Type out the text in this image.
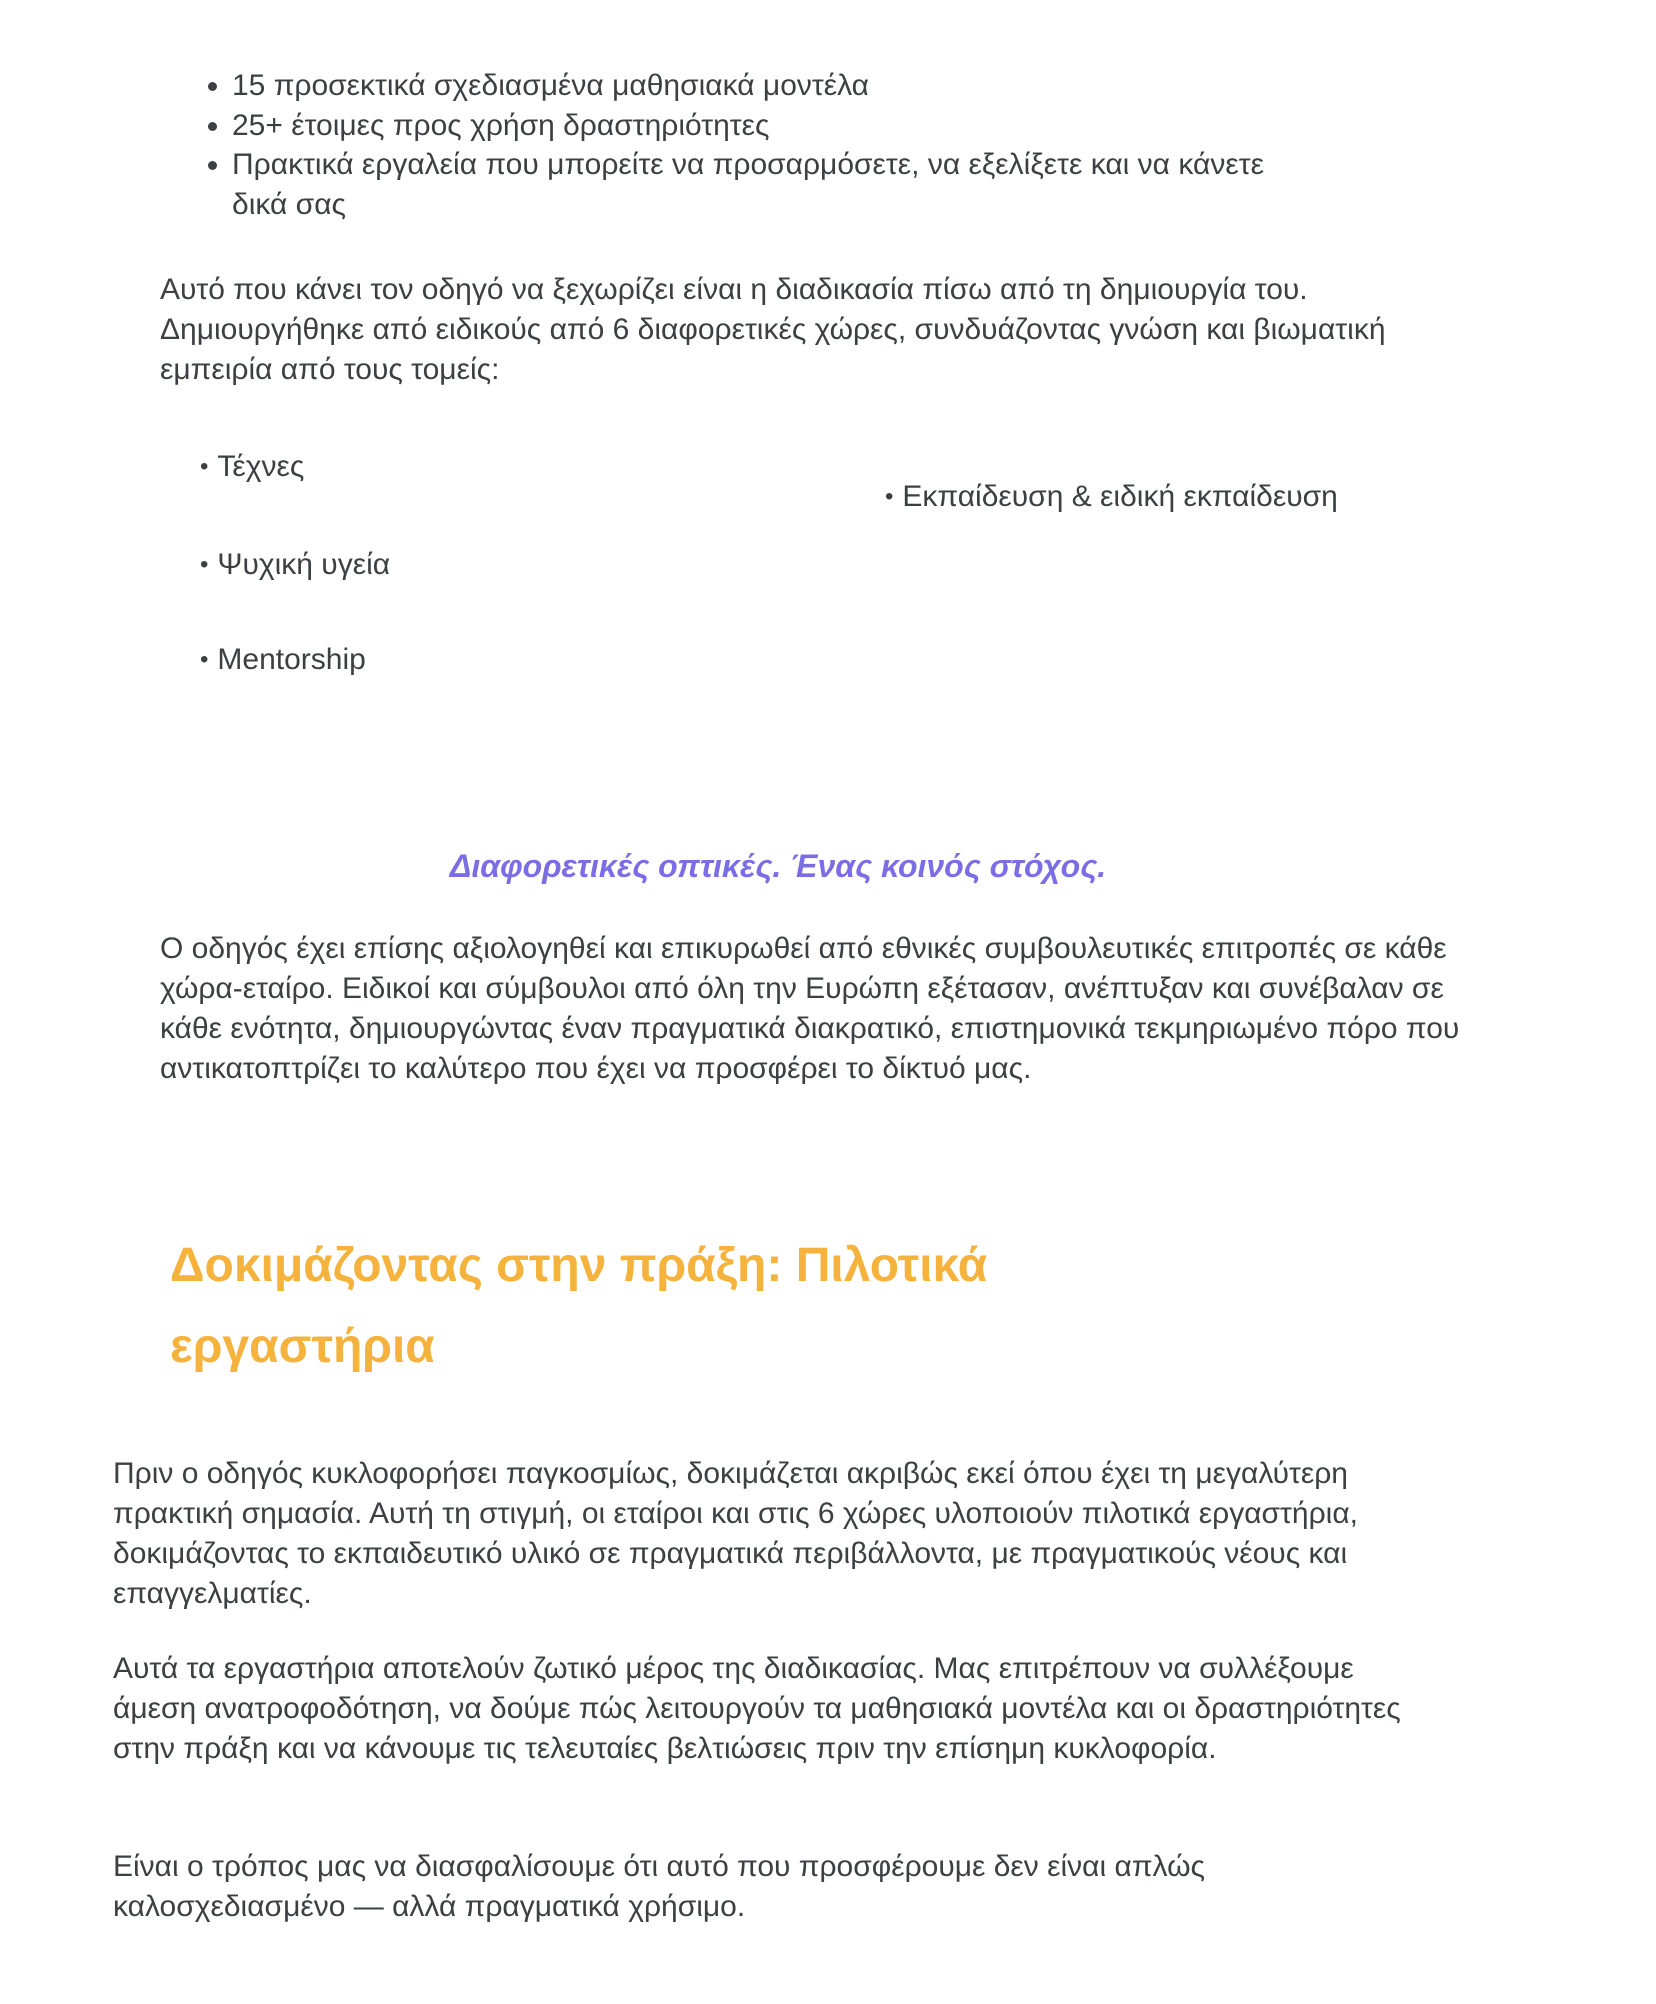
• 15 προσεκτικά σχεδιασμένα μαθησιακά μοντέλα
• 25+ έτοιμες προς χρήση δραστηριότητες
• Πρακτικά εργαλεία που μπορείτε να προσαρμόσετε, να εξελίξετε και να κάνετε δικά σας

Αυτό που κάνει τον οδηγό να ξεχωρίζει είναι η διαδικασία πίσω από τη δημιουργία του. Δημιουργήθηκε από ειδικούς από 6 διαφορετικές χώρες, συνδυάζοντας γνώση και βιωματική εμπειρία από τους τομείς:

• Τέχνες
• Εκπαίδευση & ειδική εκπαίδευση
• Ψυχική υγεία
• Mentorship
Διαφορετικές οπτικές. Ένας κοινός στόχος.

Ο οδηγός έχει επίσης αξιολογηθεί και επικυρωθεί από εθνικές συμβουλευτικές επιτροπές σε κάθε χώρα-εταίρο. Ειδικοί και σύμβουλοι από όλη την Ευρώπη εξέτασαν, ανέπτυξαν και συνέβαλαν σε κάθε ενότητα, δημιουργώντας έναν πραγματικά διακρατικό, επιστημονικά τεκμηριωμένο πόρο που αντικατοπτρίζει το καλύτερο που έχει να προσφέρει το δίκτυό μας.

Δοκιμάζοντας στην πράξη: Πιλοτικά εργαστήρια

Πριν ο οδηγός κυκλοφορήσει παγκοσμίως, δοκιμάζεται ακριβώς εκεί όπου έχει τη μεγαλύτερη πρακτική σημασία. Αυτή τη στιγμή, οι εταίροι και στις 6 χώρες υλοποιούν πιλοτικά εργαστήρια, δοκιμάζοντας το εκπαιδευτικό υλικό σε πραγματικά περιβάλλοντα, με πραγματικούς νέους και επαγγελματίες.

Αυτά τα εργαστήρια αποτελούν ζωτικό μέρος της διαδικασίας. Μας επιτρέπουν να συλλέξουμε άμεση ανατροφοδότηση, να δούμε πώς λειτουργούν τα μαθησιακά μοντέλα και οι δραστηριότητες στην πράξη και να κάνουμε τις τελευταίες βελτιώσεις πριν την επίσημη κυκλοφορία.

Είναι ο τρόπος μας να διασφαλίσουμε ότι αυτό που προσφέρουμε δεν είναι απλώς καλοσχεδιασμένο — αλλά πραγματικά χρήσιμο.
